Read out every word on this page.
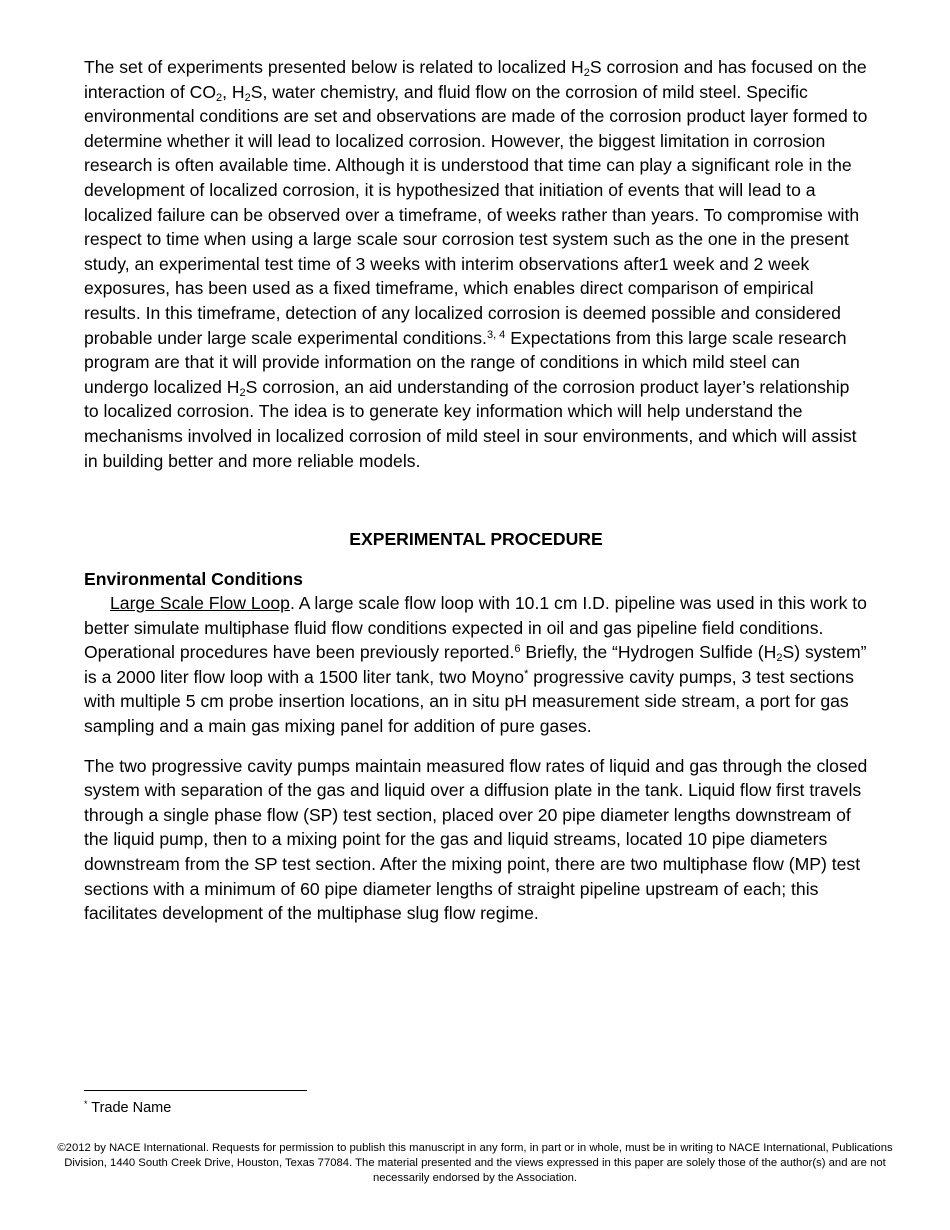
The set of experiments presented below is related to localized $H_2S$ corrosion and has focused on the interaction of $CO_2$, $H_2S$, water chemistry, and fluid flow on the corrosion of mild steel. Specific environmental conditions are set and observations are made of the corrosion product layer formed to determine whether it will lead to localized corrosion. However, the biggest limitation in corrosion research is often available time. Although it is understood that time can play a significant role in the development of localized corrosion, it is hypothesized that initiation of events that will lead to a localized failure can be observed over a timeframe, of weeks rather than years. To compromise with respect to time when using a large scale sour corrosion test system such as the one in the present study, an experimental test time of 3 weeks with interim observations after1 week and 2 week exposures, has been used as a fixed timeframe, which enables direct comparison of empirical results. In this timeframe, detection of any localized corrosion is deemed possible and considered probable under large scale experimental conditions.$^{3, 4}$ Expectations from this large scale research program are that it will provide information on the range of conditions in which mild steel can undergo localized $H_2S$ corrosion, an aid understanding of the corrosion product layer’s relationship to localized corrosion. The idea is to generate key information which will help understand the mechanisms involved in localized corrosion of mild steel in sour environments, and which will assist in building better and more reliable models.

EXPERIMENTAL PROCEDURE
Environmental Conditions

Large Scale Flow Loop. A large scale flow loop with 10.1 cm I.D. pipeline was used in this work to better simulate multiphase fluid flow conditions expected in oil and gas pipeline field conditions. Operational procedures have been previously reported.$^6$ Briefly, the “Hydrogen Sulfide $(H_2S)$ system” is a 2000 liter flow loop with a 1500 liter tank, two Moyno* progressive cavity pumps, 3 test sections with multiple 5 cm probe insertion locations, an in situ pH measurement side stream, a port for gas sampling and a main gas mixing panel for addition of pure gases.

The two progressive cavity pumps maintain measured flow rates of liquid and gas through the closed system with separation of the gas and liquid over a diffusion plate in the tank. Liquid flow first travels through a single phase flow (SP) test section, placed over 20 pipe diameter lengths downstream of the liquid pump, then to a mixing point for the gas and liquid streams, located 10 pipe diameters downstream from the SP test section. After the mixing point, there are two multiphase flow (MP) test sections with a minimum of 60 pipe diameter lengths of straight pipeline upstream of each; this facilitates development of the multiphase slug flow regime.

* Trade Name
©2012 by NACE International. Requests for permission to publish this manuscript in any form, in part or in whole, must be in writing to NACE International, Publications Division, 1440 South Creek Drive, Houston, Texas 77084. The material presented and the views expressed in this paper are solely those of the author(s) and are not necessarily endorsed by the Association.
